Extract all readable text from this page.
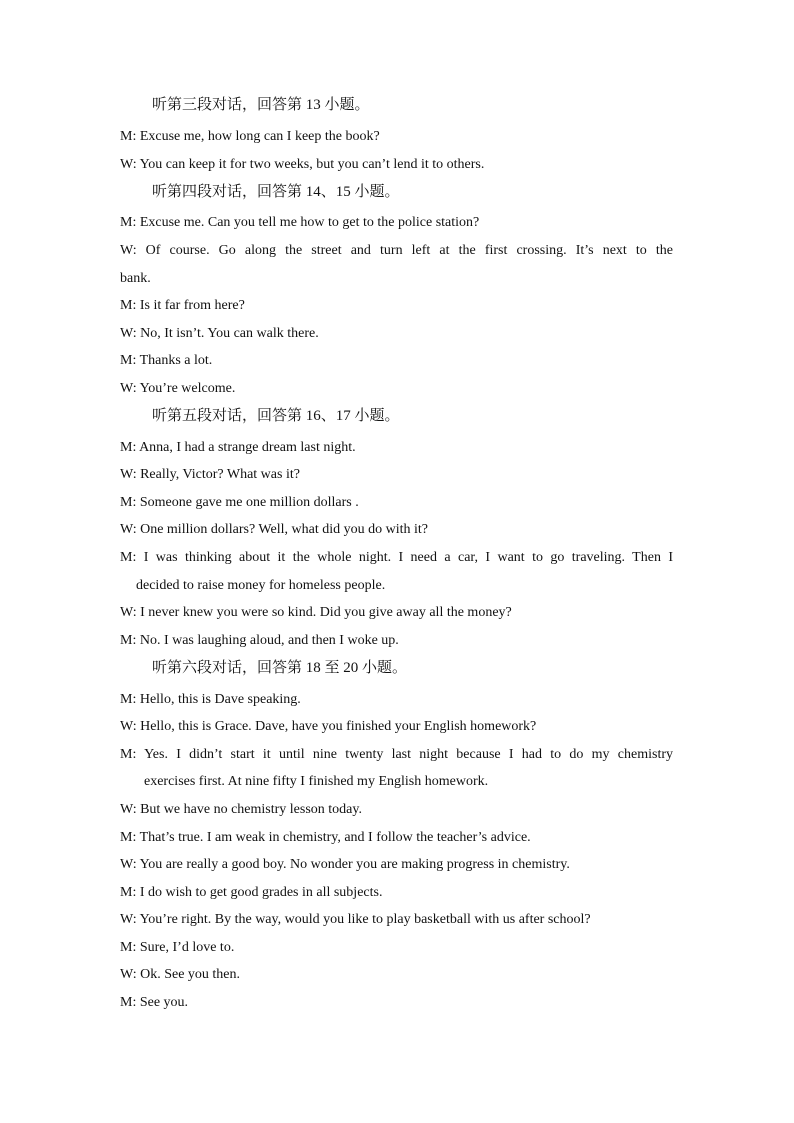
听第三段对话，回答第 13 小题。
M: Excuse me, how long can I keep the book?
W: You can keep it for two weeks, but you can’t lend it to others.
听第四段对话，回答第 14、15 小题。
M: Excuse me. Can you tell me how to get to the police station?
W: Of course. Go along the street and turn left at the first crossing. It’s next to the
bank.
M: Is it far from here?
W: No, It isn’t. You can walk there.
M: Thanks a lot.
W: You’re welcome.
听第五段对话，回答第 16、17 小题。
M: Anna, I had a strange dream last night.
W: Really, Victor? What was it?
M: Someone gave me one million dollars .
W: One million dollars? Well, what did you do with it?
M: I was thinking about it the whole night. I need a car, I want to go traveling. Then I
decided to raise money for homeless people.
W: I never knew you were so kind. Did you give away all the money?
M: No. I was laughing aloud, and then I woke up.
听第六段对话，回答第 18 至 20 小题。
M: Hello, this is Dave speaking.
W: Hello, this is Grace. Dave, have you finished your English homework?
M: Yes. I didn’t start it until nine twenty last night because I had to do my chemistry
exercises first. At nine fifty I finished my English homework.
W: But we have no chemistry lesson today.
M: That’s true. I am weak in chemistry, and I follow the teacher’s advice.
W: You are really a good boy. No wonder you are making progress in chemistry.
M: I do wish to get good grades in all subjects.
W: You’re right. By the way, would you like to play basketball with us after school?
M: Sure, I’d love to.
W: Ok. See you then.
M: See you.
